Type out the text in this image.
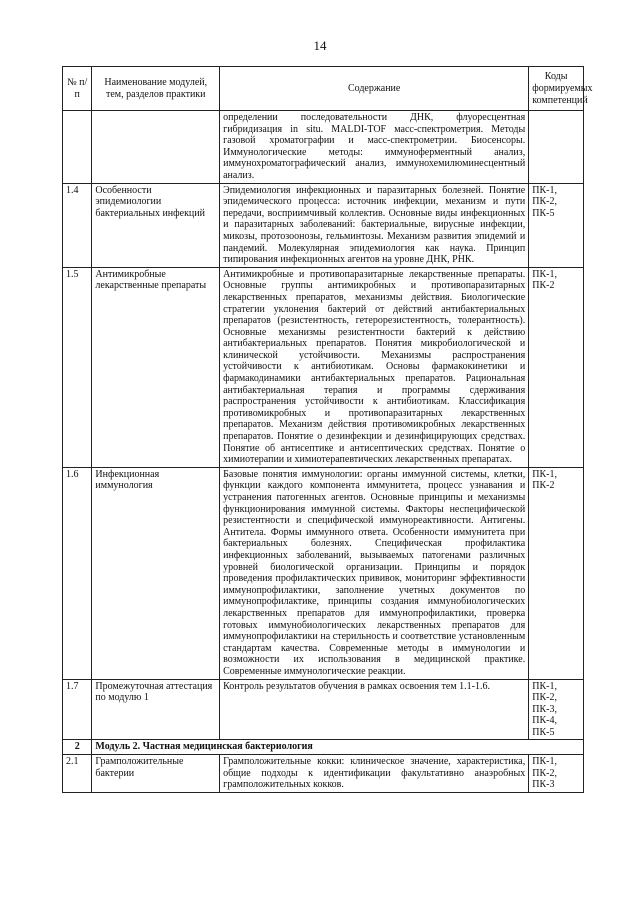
14
№ п/п	Наименование модулей, тем, разделов практики	Содержание	Коды формируемых компетенций
		определении последовательности ДНК, флуоресцентная гибридизация in situ. MALDI-TOF масс-спектрометрия. Методы газовой хроматографии и масс-спектрометрии. Биосенсоры. Иммунологические методы: иммуноферментный анализ, иммунохроматографический анализ, иммунохемилюминесцентный анализ.	
1.4	Особенности эпидемиологии бактериальных инфекций	Эпидемиология инфекционных и паразитарных болезней. Понятие эпидемического процесса: источник инфекции, механизм и пути передачи, восприимчивый коллектив. Основные виды инфекционных и паразитарных заболеваний: бактериальные, вирусные инфекции, микозы, протозоонозы, гельминтозы. Механизм развития эпидемий и пандемий. Молекулярная эпидемиология как наука. Принцип типирования инфекционных агентов на уровне ДНК, РНК.	ПК-1, ПК-2, ПК-5
1.5	Антимикробные лекарственные препараты	Антимикробные и противопаразитарные лекарственные препараты. Основные группы антимикробных и противопаразитарных лекарственных препаратов, механизмы действия. Биологические стратегии уклонения бактерий от действий антибактериальных препаратов (резистентность, гетерорезистентность, толерантность). Основные механизмы резистентности бактерий к действию антибактериальных препаратов. Понятия микробиологической и клинической устойчивости. Механизмы распространения устойчивости к антибиотикам. Основы фармакокинетики и фармакодинамики антибактериальных препаратов. Рациональная антибактериальная терапия и программы сдерживания распространения устойчивости к антибиотикам. Классификация противомикробных и противопаразитарных лекарственных препаратов. Механизм действия противомикробных лекарственных препаратов. Понятие о дезинфекции и дезинфицирующих средствах. Понятие об антисептике и антисептических средствах. Понятие о химиотерапии и химиотерапевтических лекарственных препаратах.	ПК-1, ПК-2
1.6	Инфекционная иммунология	Базовые понятия иммунологии: органы иммунной системы, клетки, функции каждого компонента иммунитета, процесс узнавания и устранения патогенных агентов. Основные принципы и механизмы функционирования иммунной системы. Факторы неспецифической резистентности и специфической иммунореактивности. Антигены. Антитела. Формы иммунного ответа. Особенности иммунитета при бактериальных болезнях. Специфическая профилактика инфекционных заболеваний, вызываемых патогенами различных уровней биологической организации. Принципы и порядок проведения профилактических прививок, мониторинг эффективности иммунопрофилактики, заполнение учетных документов по иммунопрофилактике, принципы создания иммунобиологических лекарственных препаратов для иммунопрофилактики, проверка готовых иммунобиологических лекарственных препаратов для иммунопрофилактики на стерильность и соответствие установленным стандартам качества. Современные методы в иммунологии и возможности их использования в медицинской практике. Современные иммунологические реакции.	ПК-1, ПК-2
1.7	Промежуточная аттестация по модулю 1	Контроль результатов обучения в рамках освоения тем 1.1-1.6.	ПК-1, ПК-2, ПК-3, ПК-4, ПК-5
2	Модуль 2. Частная медицинская бактериология		
2.1	Грамположительные бактерии	Грамположительные кокки: клиническое значение, характеристика, общие подходы к идентификации факультативно анаэробных грамположительных кокков.	ПК-1, ПК-2, ПК-3
